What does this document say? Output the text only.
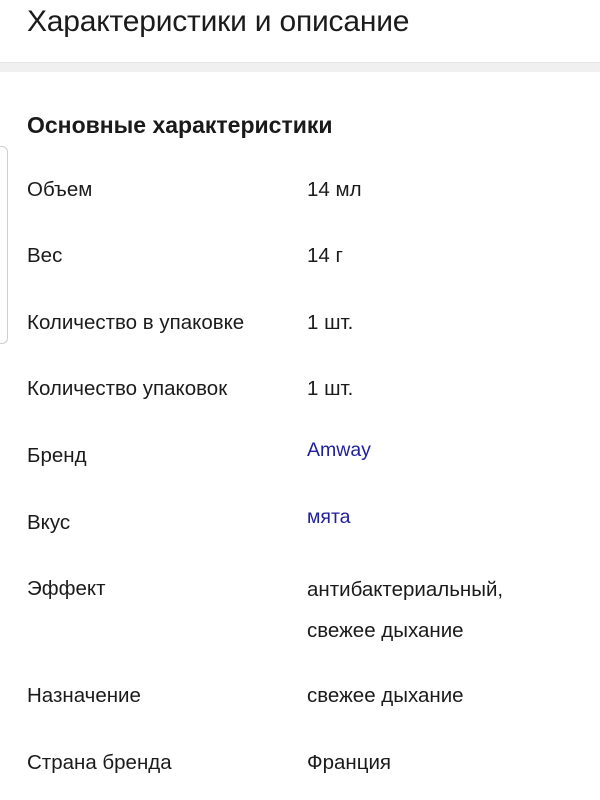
Характеристики и описание
Основные характеристики
Объем	14 мл
Вес	14 г
Количество в упаковке	1 шт.
Количество упаковок	1 шт.
Бренд	Amway
Вкус	мята
Эффект	антибактериальный,
свежее дыхание
Назначение	свежее дыхание
Страна бренда	Франция
